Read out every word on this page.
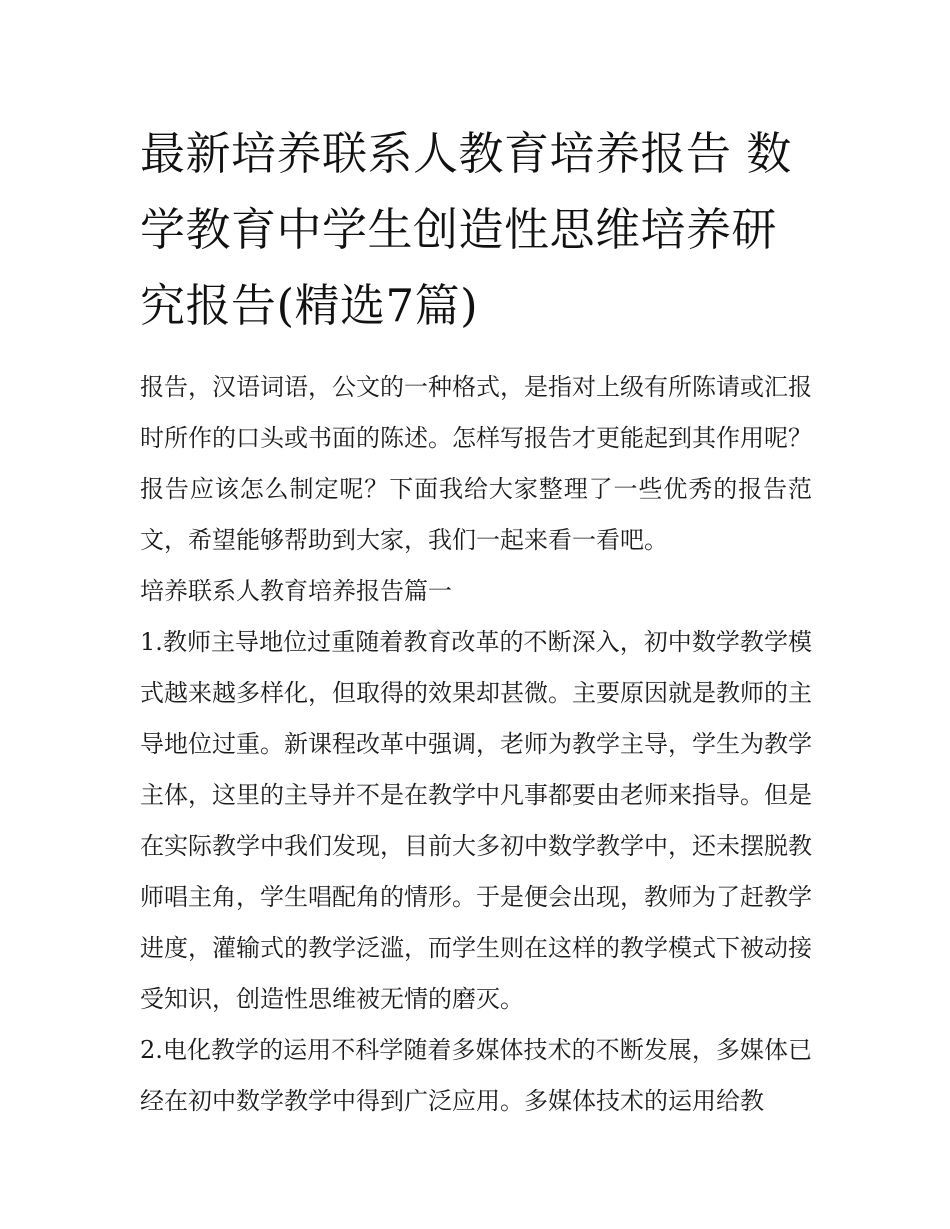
最新培养联系人教育培养报告 数学教育中学生创造性思维培养研究报告(精选7篇)

报告，汉语词语，公文的一种格式，是指对上级有所陈请或汇报时所作的口头或书面的陈述。怎样写报告才更能起到其作用呢？报告应该怎么制定呢？下面我给大家整理了一些优秀的报告范文，希望能够帮助到大家，我们一起来看一看吧。

培养联系人教育培养报告篇一

1.教师主导地位过重随着教育改革的不断深入，初中数学教学模式越来越多样化，但取得的效果却甚微。主要原因就是教师的主导地位过重。新课程改革中强调，老师为教学主导，学生为教学主体，这里的主导并不是在教学中凡事都要由老师来指导。但是在实际教学中我们发现，目前大多初中数学教学中，还未摆脱教师唱主角，学生唱配角的情形。于是便会出现，教师为了赶教学进度，灌输式的教学泛滥，而学生则在这样的教学模式下被动接受知识，创造性思维被无情的磨灭。

2.电化教学的运用不科学随着多媒体技术的不断发展，多媒体已经在初中数学教学中得到广泛应用。多媒体技术的运用给教
